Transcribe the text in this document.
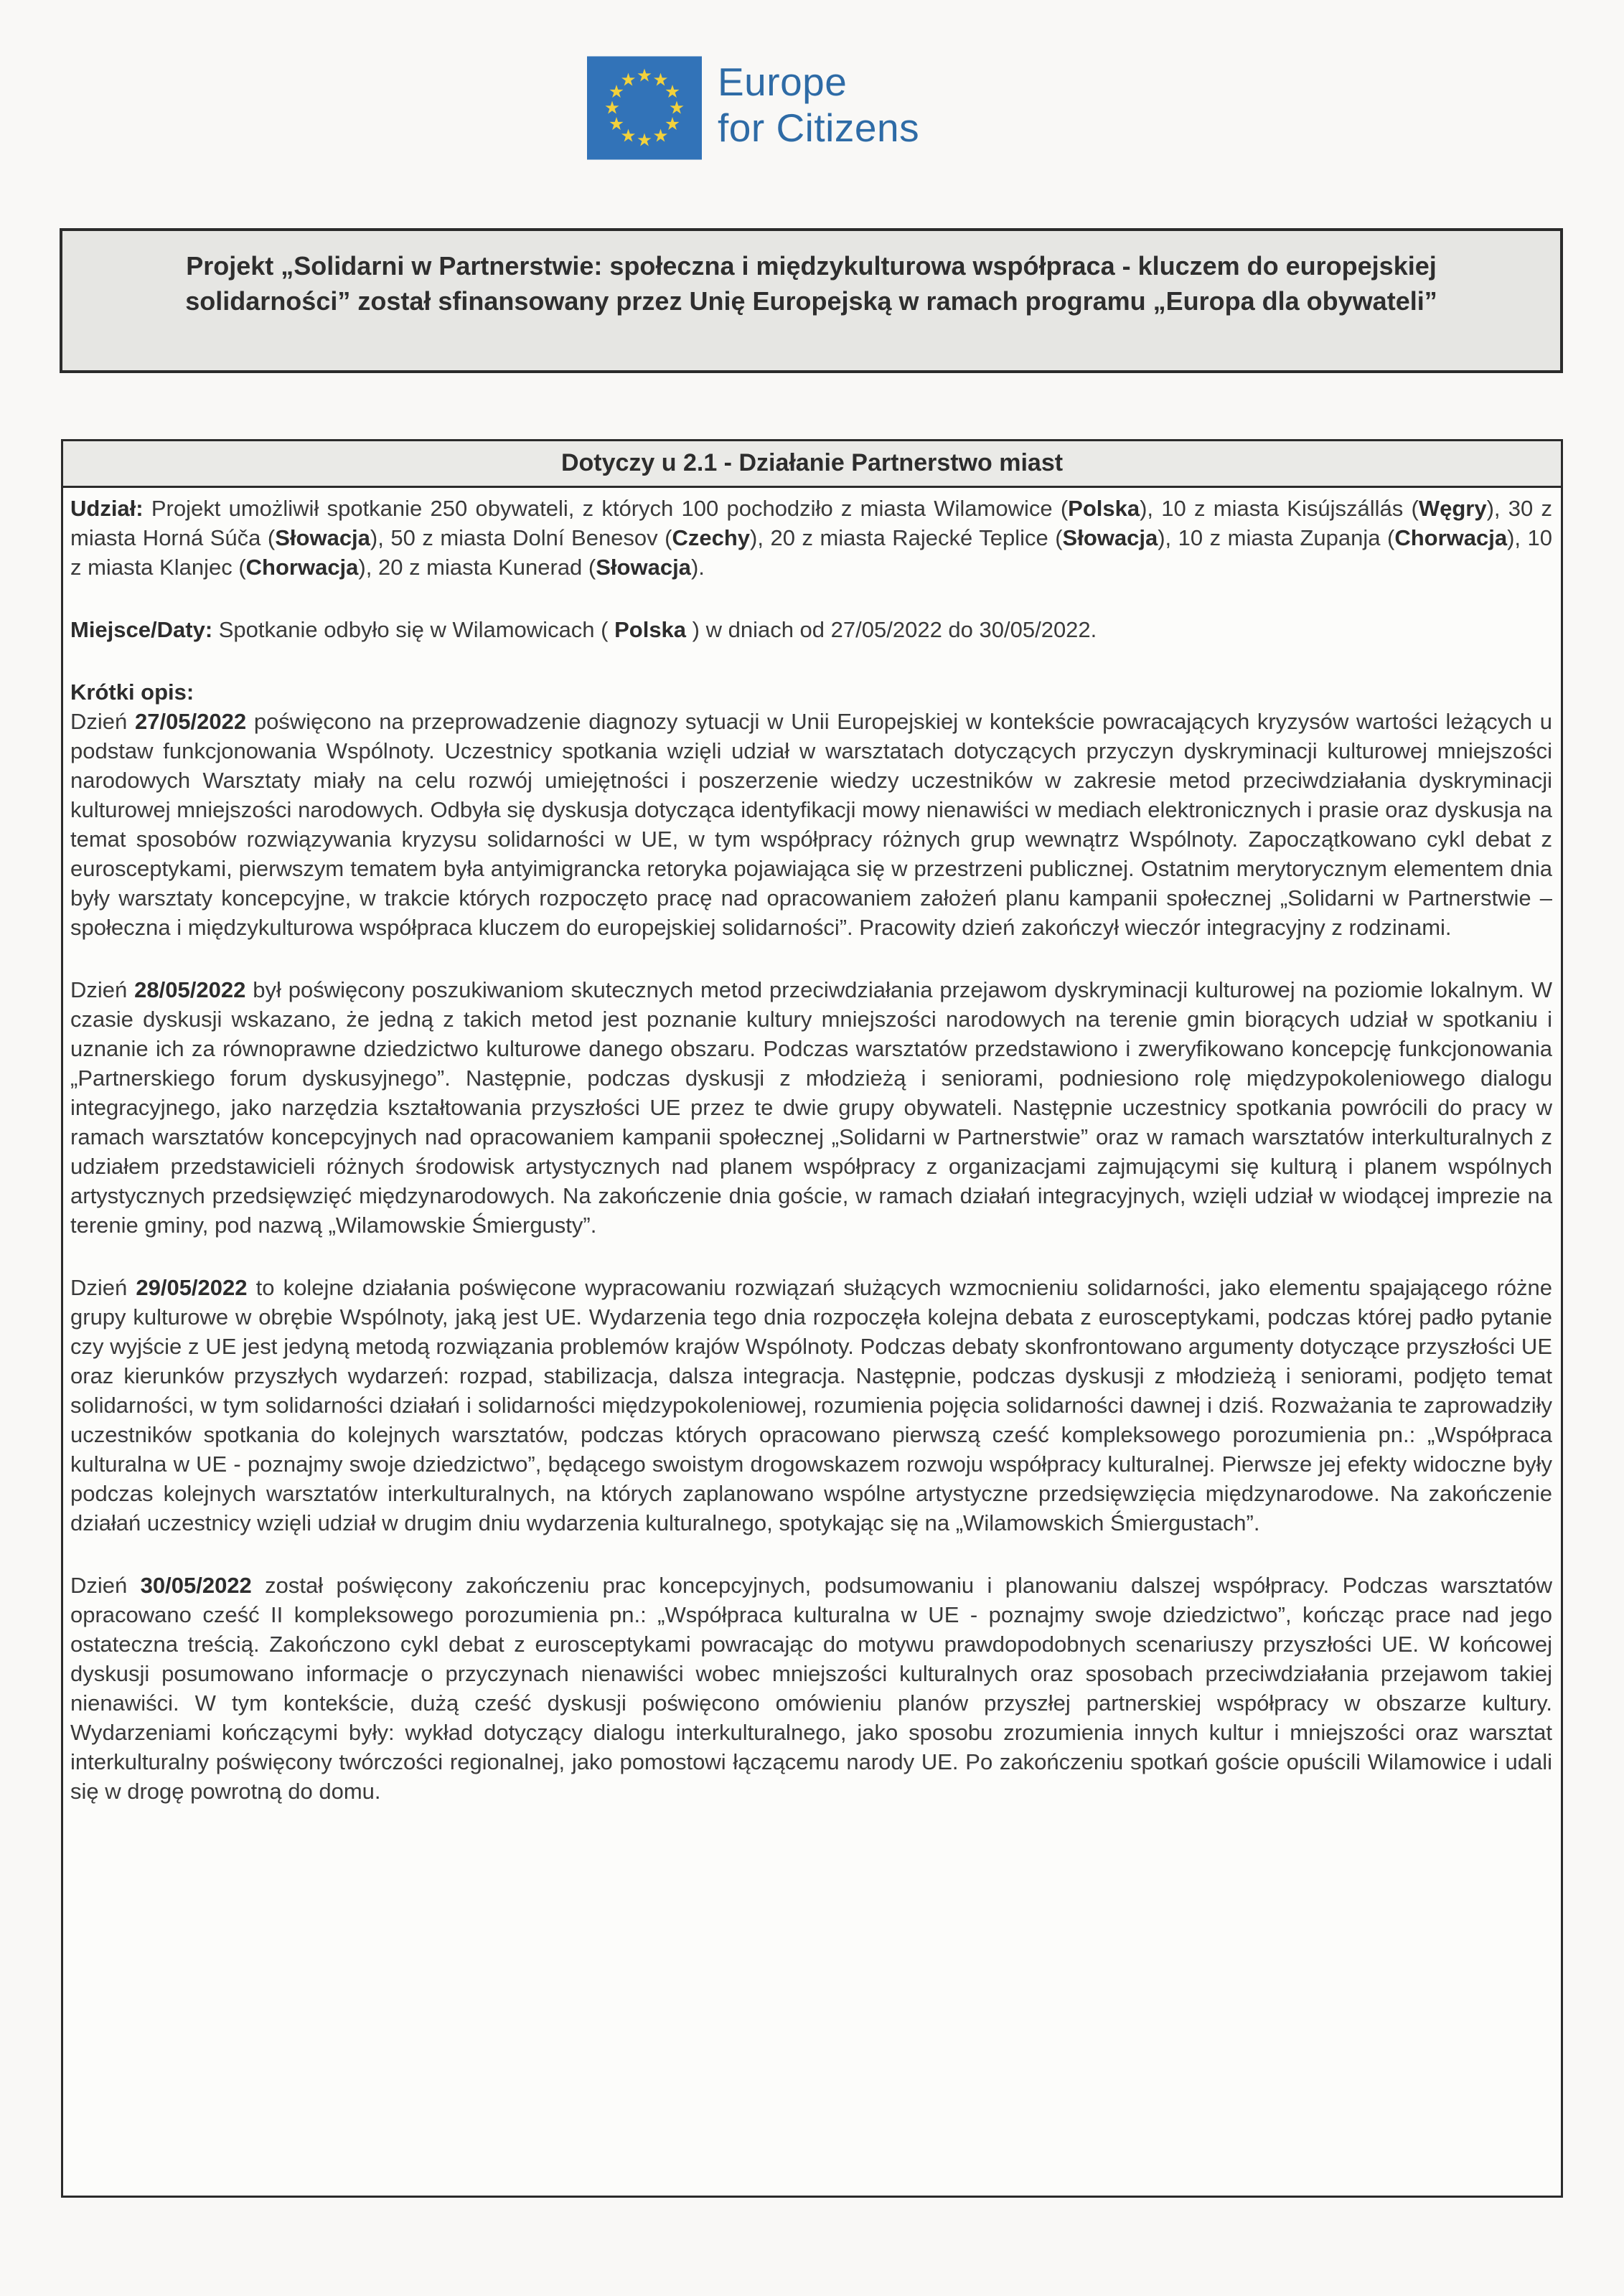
Europe
for Citizens

Projekt „Solidarni w Partnerstwie: społeczna i międzykulturowa współpraca - kluczem do europejskiej solidarności” został sfinansowany przez Unię Europejską w ramach programu „Europa dla obywateli”

Dotyczy u 2.1 - Działanie Partnerstwo miast

Udział: Projekt umożliwił spotkanie 250 obywateli, z których 100 pochodziło z miasta Wilamowice (Polska), 10 z miasta Kisújszállás (Węgry), 30 z miasta Horná Súča (Słowacja), 50 z miasta Dolní Benesov (Czechy), 20 z miasta Rajecké Teplice (Słowacja), 10 z miasta Zupanja (Chorwacja), 10 z miasta Klanjec (Chorwacja), 20 z miasta Kunerad (Słowacja).

Miejsce/Daty: Spotkanie odbyło się w Wilamowicach ( Polska ) w dniach od 27/05/2022 do 30/05/2022.

Krótki opis:

Dzień 27/05/2022 poświęcono na przeprowadzenie diagnozy sytuacji w Unii Europejskiej w kontekście powracających kryzysów wartości leżących u podstaw funkcjonowania Wspólnoty. Uczestnicy spotkania wzięli udział w warsztatach dotyczących przyczyn dyskryminacji kulturowej mniejszości narodowych Warsztaty miały na celu rozwój umiejętności i poszerzenie wiedzy uczestników w zakresie metod przeciwdziałania dyskryminacji kulturowej mniejszości narodowych. Odbyła się dyskusja dotycząca identyfikacji mowy nienawiści w mediach elektronicznych i prasie oraz dyskusja na temat sposobów rozwiązywania kryzysu solidarności w UE, w tym współpracy różnych grup wewnątrz Wspólnoty. Zapoczątkowano cykl debat z eurosceptykami, pierwszym tematem była antyimigrancka retoryka pojawiająca się w przestrzeni publicznej. Ostatnim merytorycznym elementem dnia były warsztaty koncepcyjne, w trakcie których rozpoczęto pracę nad opracowaniem założeń planu kampanii społecznej „Solidarni w Partnerstwie – społeczna i międzykulturowa współpraca kluczem do europejskiej solidarności”. Pracowity dzień zakończył wieczór integracyjny z rodzinami.

Dzień 28/05/2022 był poświęcony poszukiwaniom skutecznych metod przeciwdziałania przejawom dyskryminacji kulturowej na poziomie lokalnym. W czasie dyskusji wskazano, że jedną z takich metod jest poznanie kultury mniejszości narodowych na terenie gmin biorących udział w spotkaniu i uznanie ich za równoprawne dziedzictwo kulturowe danego obszaru. Podczas warsztatów przedstawiono i zweryfikowano koncepcję funkcjonowania „Partnerskiego forum dyskusyjnego”. Następnie, podczas dyskusji z młodzieżą i seniorami, podniesiono rolę międzypokoleniowego dialogu integracyjnego, jako narzędzia kształtowania przyszłości UE przez te dwie grupy obywateli. Następnie uczestnicy spotkania powrócili do pracy w ramach warsztatów koncepcyjnych nad opracowaniem kampanii społecznej „Solidarni w Partnerstwie” oraz w ramach warsztatów interkulturalnych z udziałem przedstawicieli różnych środowisk artystycznych nad planem współpracy z organizacjami zajmującymi się kulturą i planem wspólnych artystycznych przedsięwzięć międzynarodowych. Na zakończenie dnia goście, w ramach działań integracyjnych, wzięli udział w wiodącej imprezie na terenie gminy, pod nazwą „Wilamowskie Śmiergusty”.

Dzień 29/05/2022 to kolejne działania poświęcone wypracowaniu rozwiązań służących wzmocnieniu solidarności, jako elementu spajającego różne grupy kulturowe w obrębie Wspólnoty, jaką jest UE. Wydarzenia tego dnia rozpoczęła kolejna debata z eurosceptykami, podczas której padło pytanie czy wyjście z UE jest jedyną metodą rozwiązania problemów krajów Wspólnoty. Podczas debaty skonfrontowano argumenty dotyczące przyszłości UE oraz kierunków przyszłych wydarzeń: rozpad, stabilizacja, dalsza integracja. Następnie, podczas dyskusji z młodzieżą i seniorami, podjęto temat solidarności, w tym solidarności działań i solidarności międzypokoleniowej, rozumienia pojęcia solidarności dawnej i dziś. Rozważania te zaprowadziły uczestników spotkania do kolejnych warsztatów, podczas których opracowano pierwszą cześć kompleksowego porozumienia pn.: „Współpraca kulturalna w UE - poznajmy swoje dziedzictwo”, będącego swoistym drogowskazem rozwoju współpracy kulturalnej. Pierwsze jej efekty widoczne były podczas kolejnych warsztatów interkulturalnych, na których zaplanowano wspólne artystyczne przedsięwzięcia międzynarodowe. Na zakończenie działań uczestnicy wzięli udział w drugim dniu wydarzenia kulturalnego, spotykając się na „Wilamowskich Śmiergustach”.

Dzień 30/05/2022 został poświęcony zakończeniu prac koncepcyjnych, podsumowaniu i planowaniu dalszej współpracy. Podczas warsztatów opracowano cześć II kompleksowego porozumienia pn.: „Współpraca kulturalna w UE - poznajmy swoje dziedzictwo”, kończąc prace nad jego ostateczna treścią. Zakończono cykl debat z eurosceptykami powracając do motywu prawdopodobnych scenariuszy przyszłości UE. W końcowej dyskusji posumowano informacje o przyczynach nienawiści wobec mniejszości kulturalnych oraz sposobach przeciwdziałania przejawom takiej nienawiści. W tym kontekście, dużą cześć dyskusji poświęcono omówieniu planów przyszłej partnerskiej współpracy w obszarze kultury. Wydarzeniami kończącymi były: wykład dotyczący dialogu interkulturalnego, jako sposobu zrozumienia innych kultur i mniejszości oraz warsztat interkulturalny poświęcony twórczości regionalnej, jako pomostowi łączącemu narody UE. Po zakończeniu spotkań goście opuścili Wilamowice i udali się w drogę powrotną do domu.
